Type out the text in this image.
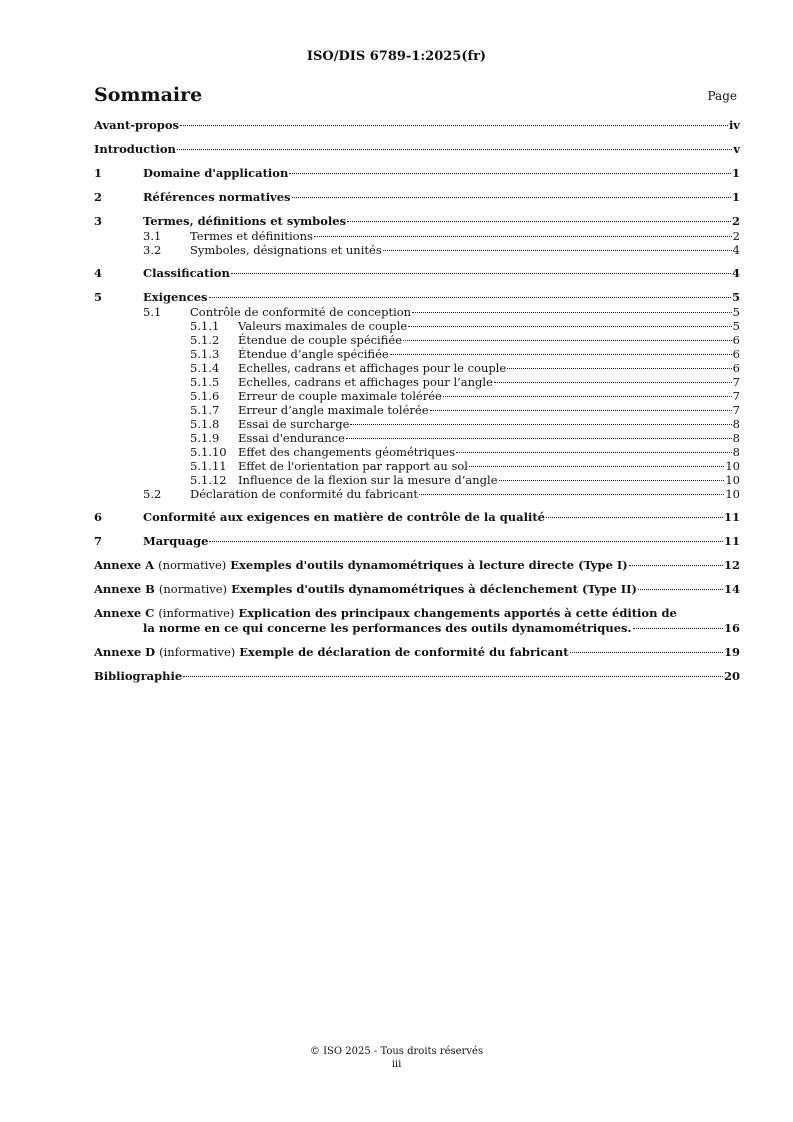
ISO/DIS 6789-1:2025(fr)
Sommaire	Page
Avant-propos	iv
Introduction	v
1	Domaine d'application	1
2	Références normatives	1
3	Termes, définitions et symboles	2
3.1	Termes et définitions	2
3.2	Symboles, désignations et unités	4
4	Classification	4
5	Exigences	5
5.1	Contrôle de conformité de conception	5
5.1.1	Valeurs maximales de couple	5
5.1.2	Étendue de couple spécifiée	6
5.1.3	Étendue d’angle spécifiée	6
5.1.4	Echelles, cadrans et affichages pour le couple	6
5.1.5	Echelles, cadrans et affichages pour l’angle	7
5.1.6	Erreur de couple maximale tolérée	7
5.1.7	Erreur d’angle maximale tolérée	7
5.1.8	Essai de surcharge	8
5.1.9	Essai d'endurance	8
5.1.10 Effet des changements géométriques	8
5.1.11 Effet de l'orientation par rapport au sol	10
5.1.12 Influence de la flexion sur la mesure d’angle	10
5.2	Déclaration de conformité du fabricant	10
6	Conformité aux exigences en matière de contrôle de la qualité	11
7	Marquage	11
Annexe A (normative) Exemples d'outils dynamométriques à lecture directe (Type I)	12
Annexe B (normative) Exemples d'outils dynamométriques à déclenchement (Type II)	14
Annexe C (informative) Explication des principaux changements apportés à cette édition de
la norme en ce qui concerne les performances des outils dynamométriques.	16
Annexe D (informative) Exemple de déclaration de conformité du fabricant	19
Bibliographie	20
© ISO 2025 - Tous droits réservés
iii
